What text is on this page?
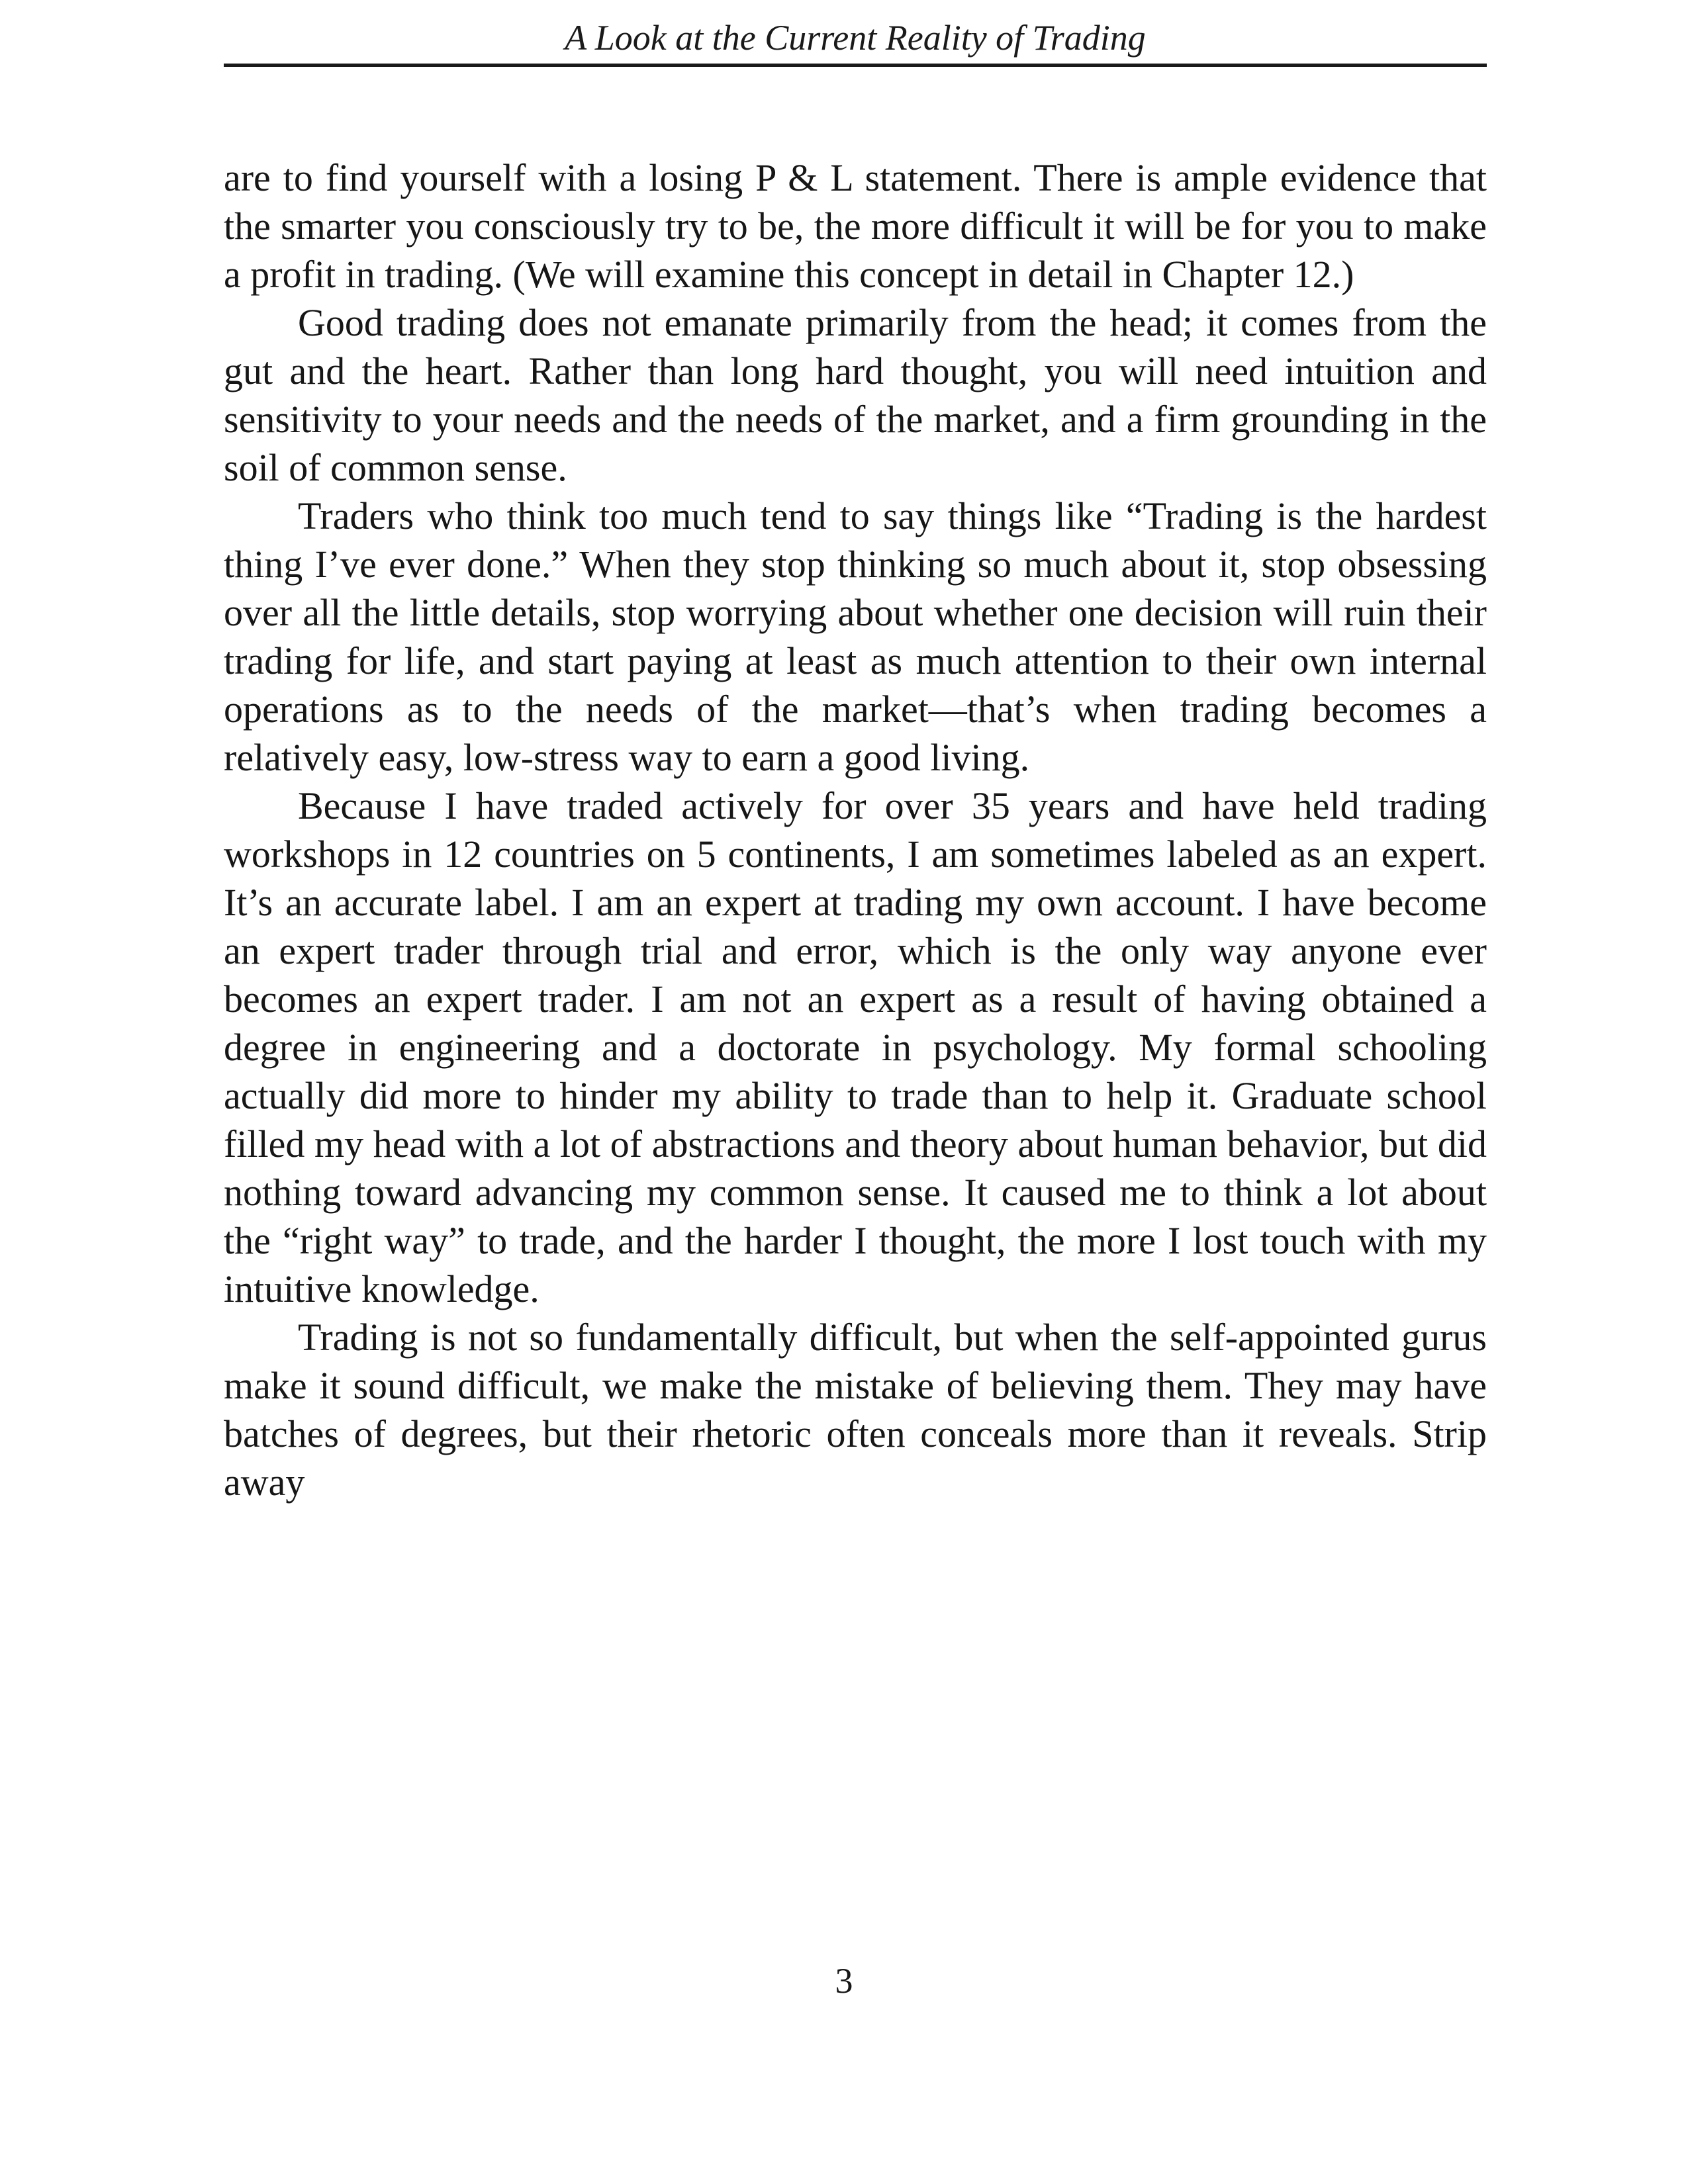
A Look at the Current Reality of Trading

are to find yourself with a losing P & L statement. There is ample evidence that the smarter you consciously try to be, the more difficult it will be for you to make a profit in trading. (We will examine this concept in detail in Chapter 12.)

Good trading does not emanate primarily from the head; it comes from the gut and the heart. Rather than long hard thought, you will need intuition and sensitivity to your needs and the needs of the market, and a firm grounding in the soil of common sense.

Traders who think too much tend to say things like “Trading is the hardest thing I’ve ever done.” When they stop thinking so much about it, stop obsessing over all the little details, stop worrying about whether one decision will ruin their trading for life, and start paying at least as much attention to their own internal operations as to the needs of the market—that’s when trading becomes a relatively easy, low-stress way to earn a good living.

Because I have traded actively for over 35 years and have held trading workshops in 12 countries on 5 continents, I am sometimes labeled as an expert. It’s an accurate label. I am an expert at trading my own account. I have become an expert trader through trial and error, which is the only way anyone ever becomes an expert trader. I am not an expert as a result of having obtained a degree in engineering and a doctorate in psychology. My formal schooling actually did more to hinder my ability to trade than to help it. Graduate school filled my head with a lot of abstractions and theory about human behavior, but did nothing toward advancing my common sense. It caused me to think a lot about the “right way” to trade, and the harder I thought, the more I lost touch with my intuitive knowledge.

Trading is not so fundamentally difficult, but when the self-appointed gurus make it sound difficult, we make the mistake of believing them. They may have batches of degrees, but their rhetoric often conceals more than it reveals. Strip away

3
